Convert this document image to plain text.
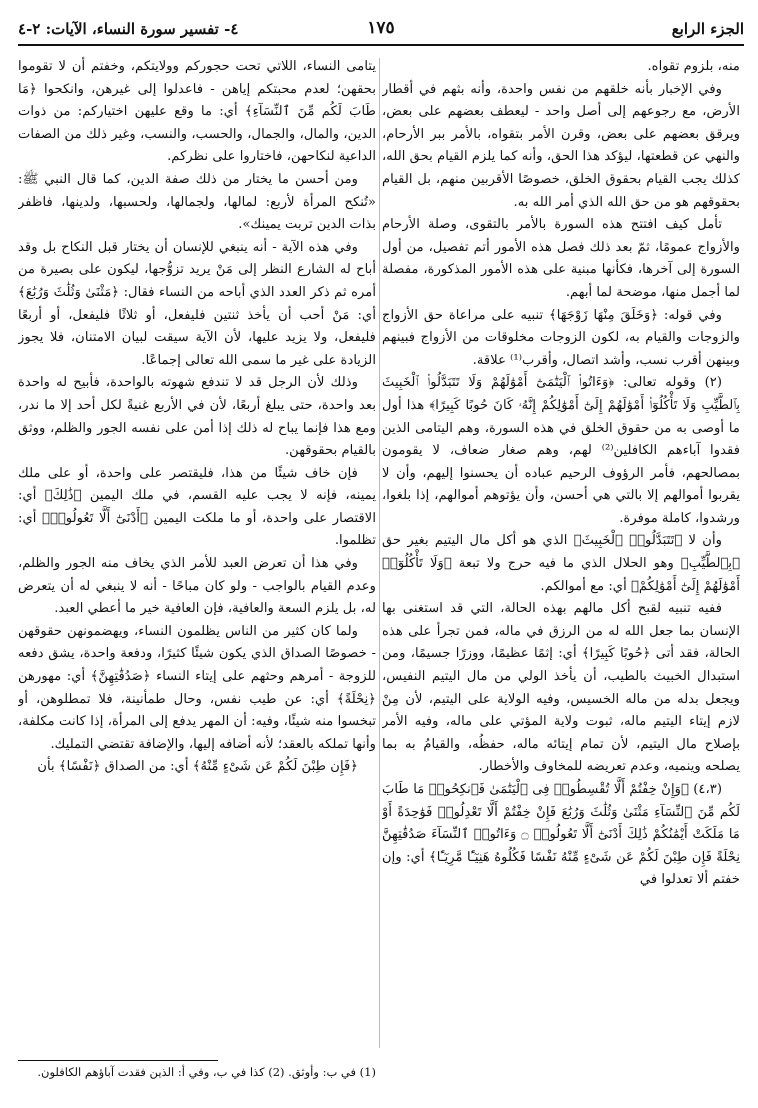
الجزء الرابع
١٧٥
٤- تفسير سورة النساء، الآيات: ٢-٤

منه، بلزوم تقواه.

وفي الإخبار بأنه خلقهم من نفس واحدة، وأنه بثهم في أقطار الأرض، مع رجوعهم إلى أصل واحد - ليعطف بعضهم على بعض، ويرقق بعضهم على بعض، وقرن الأمر بتقواه، بالأمر ببر الأرحام، والنهي عن قطعتها، ليؤكد هذا الحق، وأنه كما يلزم القيام بحق الله، كذلك يجب القيام بحقوق الخلق، خصوصًا الأقربين منهم، بل القيام بحقوقهم هو من حق الله الذي أمر الله به.

تأمل كيف افتتح هذه السورة بالأمر بالتقوى، وصلة الأرحام والأزواج عمومًا، ثمّ بعد ذلك فصل هذه الأمور أتم تفصيل، من أول السورة إلى آخرها، فكأنها مبنية على هذه الأمور المذكورة، مفصلة لما أجمل منها، موضحة لما أبهم.

وفي قوله: ﴿وَخَلَقَ مِنْهَا زَوْجَهَا﴾ تنبيه على مراعاة حق الأزواج والزوجات والقيام به، لكون الزوجات مخلوقات من الأزواج فبينهم وبينهن أقرب نسب، وأشد اتصال، وأقرب⁽¹⁾ علاقة.

(٢) وقوله تعالى: ﴿وَءَاتُوا۟ ٱلْيَتَٰمَىٰٓ أَمْوَٰلَهُمْ وَلَا تَتَبَدَّلُوا۟ ٱلْخَبِيثَ بِٱلطَّيِّبِ وَلَا تَأْكُلُوٓا۟ أَمْوَٰلَهُمْ إِلَىٰٓ أَمْوَٰلِكُمْ إِنَّهُۥ كَانَ حُوبًا كَبِيرًا﴾ هذا أول ما أوصى به من حقوق الخلق في هذه السورة، وهم اليتامى الذين فقدوا آباءهم الكافلين⁽²⁾ لهم، وهم صغار ضعاف، لا يقومون بمصالحهم، فأمر الرؤوف الرحيم عباده أن يحسنوا إليهم، وأن لا يقربوا أموالهم إلا بالتي هي أحسن، وأن يؤتوهم أموالهم، إذا بلغوا، ورشدوا، كاملة موفرة.

وأن لا ﴿تَتَبَدَّلُوا۟ ٱلْخَبِيثَ﴾ الذي هو أكل مال اليتيم بغير حق ﴿بِٱلطَّيِّبِ﴾ وهو الحلال الذي ما فيه حرج ولا تبعة ﴿وَلَا تَأْكُلُوٓا۟ أَمْوَٰلَهُمْ إِلَىٰٓ أَمْوَٰلِكُمْ﴾ أي: مع أموالكم.

ففيه تنبيه لقبح أكل مالهم بهذه الحالة، التي قد استغنى بها الإنسان بما جعل الله له من الرزق في ماله، فمن تجرأ على هذه الحالة، فقد أتى ﴿حُوبًا كَبِيرًا﴾ أي: إثمًا عظيمًا، ووزرًا جسيمًا، ومن استبدال الخبيث بالطيب، أن يأخذ الولي من مال اليتيم النفيس، ويجعل بدله من ماله الخسيس، وفيه الولاية على اليتيم، لأن مِنْ لازم إيتاء اليتيم ماله، ثبوت ولاية المؤتي على ماله، وفيه الأمر بإصلاح مال اليتيم، لأن تمام إيتائه ماله، حفظُه، والقيامُ به بما يصلحه وينميه، وعدم تعريضه للمخاوف والأخطار.

(٤،٣) ﴿وَإِنْ خِفْتُمْ أَلَّا تُقْسِطُوا۟ فِى ٱلْيَتَٰمَىٰ فَٱنكِحُوا۟ مَا طَابَ لَكُم مِّنَ ٱلنِّسَآءِ مَثْنَىٰ وَثُلَٰثَ وَرُبَٰعَ فَإِنْ خِفْتُمْ أَلَّا تَعْدِلُوا۟ فَوَٰحِدَةً أَوْ مَا مَلَكَتْ أَيْمَٰنُكُمْ ذَٰلِكَ أَدْنَىٰٓ أَلَّا تَعُولُوا۟ ۝ وَءَاتُوا۟ ٱلنِّسَآءَ صَدُقَٰتِهِنَّ نِحْلَةً فَإِن طِبْنَ لَكُمْ عَن شَىْءٍ مِّنْهُ نَفْسًا فَكُلُوهُ هَنِيٓـًٔا مَّرِيٓـًٔا﴾ أي: وإن خفتم ألا تعدلوا في

يتامى النساء، اللاتي تحت حجوركم وولايتكم، وخفتم أن لا تقوموا بحقهن؛ لعدم محبتكم إياهن - فاعدلوا إلى غيرهن، وانكحوا ﴿مَا طَابَ لَكُم مِّنَ ٱلنِّسَآءِ﴾ أي: ما وقع عليهن اختياركم: من ذوات الدين، والمال، والجمال، والحسب، والنسب، وغير ذلك من الصفات الداعية لنكاحهن، فاختاروا على نظركم.

ومن أحسن ما يختار من ذلك صفة الدين، كما قال النبي ﷺ: «تُنكح المرأة لأربع: لمالها، ولجمالها، ولحسبها، ولدينها، فاظفر بذات الدين تربت يمينك».

وفي هذه الآية - أنه ينبغي للإنسان أن يختار قبل النكاح بل وقد أباح له الشارع النظر إلى مَنْ يريد تزوُّجها، ليكون على بصيرة من أمره ثم ذكر العدد الذي أباحه من النساء فقال: ﴿مَثْنَىٰ وَثُلَٰثَ وَرُبَٰعَ﴾ أي: مَنْ أحب أن يأخذ ثنتين فليفعل، أو ثلاثًا فليفعل، أو أربعًا فليفعل، ولا يزيد عليها، لأن الآية سيقت لبيان الامتنان، فلا يجوز الزيادة على غير ما سمى الله تعالى إجماعًا.

وذلك لأن الرجل قد لا تندفع شهوته بالواحدة، فأبيح له واحدة بعد واحدة، حتى يبلغ أربعًا، لأن في الأربع غنيةً لكل أحد إلا ما ندر، ومع هذا فإنما يباح له ذلك إذا أمن على نفسه الجور والظلم، ووثق بالقيام بحقوقهن.

فإن خاف شيئًا من هذا، فليقتصر على واحدة، أو على ملك يمينه، فإنه لا يجب عليه القسم، في ملك اليمين ﴿ذَٰلِكَ﴾ أي: الاقتصار على واحدة، أو ما ملكت اليمين ﴿أَدْنَىٰٓ أَلَّا تَعُولُوا۟﴾ أي: تظلموا.

وفي هذا أن تعرض العبد للأمر الذي يخاف منه الجور والظلم، وعدم القيام بالواجب - ولو كان مباحًا - أنه لا ينبغي له أن يتعرض له، بل يلزم السعة والعافية، فإن العافية خير ما أعطي العبد.

ولما كان كثير من الناس يظلمون النساء، ويهضمونهن حقوقهن - خصوصًا الصداق الذي يكون شيئًا كثيرًا، ودفعة واحدة، يشق دفعه للزوجة - أمرهم وحثهم على إيتاء النساء ﴿صَدُقَٰتِهِنَّ﴾ أي: مهورهن ﴿نِحْلَةً﴾ أي: عن طيب نفس، وحال طمأنينة، فلا تمطلوهن، أو تبخسوا منه شيئًا، وفيه: أن المهر يدفع إلى المرأة، إذا كانت مكلفة، وأنها تملكه بالعقد؛ لأنه أضافه إليها، والإضافة تقتضي التمليك.

﴿فَإِن طِبْنَ لَكُمْ عَن شَىْءٍ مِّنْهُ﴾ أي: من الصداق ﴿نَفْسًا﴾ بأن

(1) في ب: وأوثق. (2) كذا في ب، وفي أ: الذين فقدت آباؤهم الكافلون.
